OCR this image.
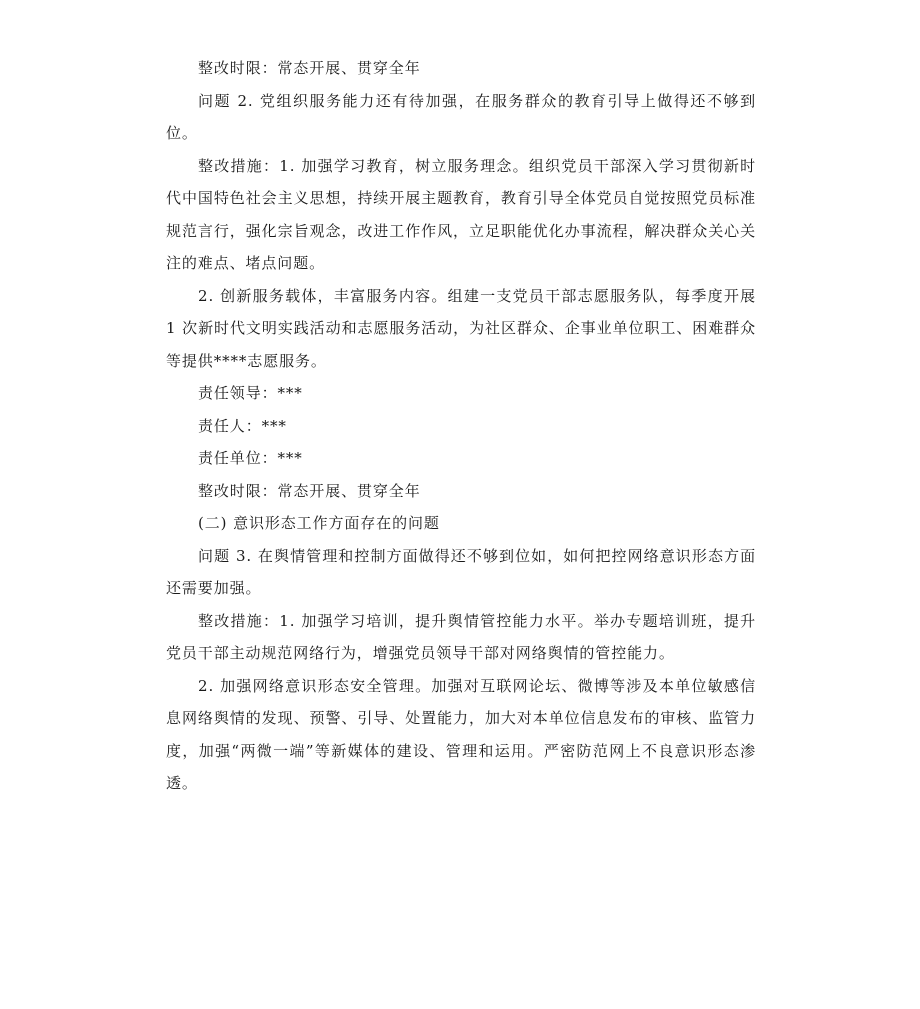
整改时限：常态开展、贯穿全年

问题 2. 党组织服务能力还有待加强，在服务群众的教育引导上做得还不够到位。

整改措施：1. 加强学习教育，树立服务理念。组织党员干部深入学习贯彻新时代中国特色社会主义思想，持续开展主题教育，教育引导全体党员自觉按照党员标准规范言行，强化宗旨观念，改进工作作风，立足职能优化办事流程，解决群众关心关注的难点、堵点问题。

2. 创新服务载体，丰富服务内容。组建一支党员干部志愿服务队，每季度开展 1 次新时代文明实践活动和志愿服务活动，为社区群众、企事业单位职工、困难群众等提供****志愿服务。

责任领导：***

责任人：***

责任单位：***

整改时限：常态开展、贯穿全年

(二) 意识形态工作方面存在的问题

问题 3. 在舆情管理和控制方面做得还不够到位如，如何把控网络意识形态方面还需要加强。

整改措施：1. 加强学习培训，提升舆情管控能力水平。举办专题培训班，提升党员干部主动规范网络行为，增强党员领导干部对网络舆情的管控能力。

2. 加强网络意识形态安全管理。加强对互联网论坛、微博等涉及本单位敏感信息网络舆情的发现、预警、引导、处置能力，加大对本单位信息发布的审核、监管力度，加强“两微一端”等新媒体的建设、管理和运用。严密防范网上不良意识形态渗透。
